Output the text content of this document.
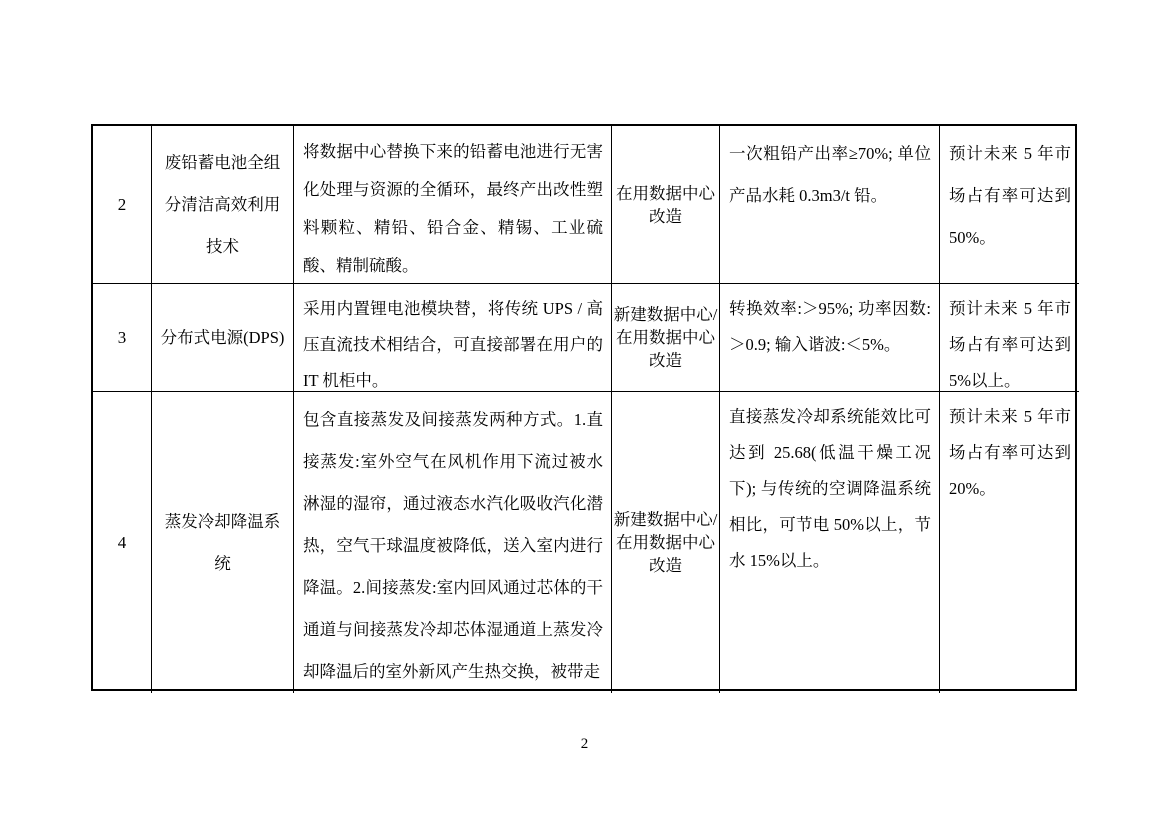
2
废铅蓄电池全组分清洁高效利用技术
将数据中心替换下来的铅蓄电池进行无害化处理与资源的全循环，最终产出改性塑料颗粒、精铅、铅合金、精锡、工业硫酸、精制硫酸。
在用数据中心改造
一次粗铅产出率≥70%; 单位产品水耗 0.3m3/t 铅。
预计未来 5 年市场占有率可达到 50%。
3	分布式电源(DPS)
采用内置锂电池模块替，将传统 UPS / 高压直流技术相结合，可直接部署在用户的 IT 机柜中。
新建数据中心/在用数据中心改造
转换效率:＞95%; 功率因数:＞0.9; 输入谐波:＜5%。
预计未来 5 年市场占有率可达到 5%以上。
4
蒸发冷却降温系统
包含直接蒸发及间接蒸发两种方式。1.直接蒸发:室外空气在风机作用下流过被水淋湿的湿帘，通过液态水汽化吸收汽化潜热，空气干球温度被降低，送入室内进行降温。2.间接蒸发:室内回风通过芯体的干通道与间接蒸发冷却芯体湿通道上蒸发冷却降温后的室外新风产生热交换，被带走
新建数据中心/在用数据中心改造
直接蒸发冷却系统能效比可达到 25.68(低温干燥工况下); 与传统的空调降温系统相比，可节电 50%以上，节水 15%以上。
预计未来 5 年市场占有率可达到 20%。
2
